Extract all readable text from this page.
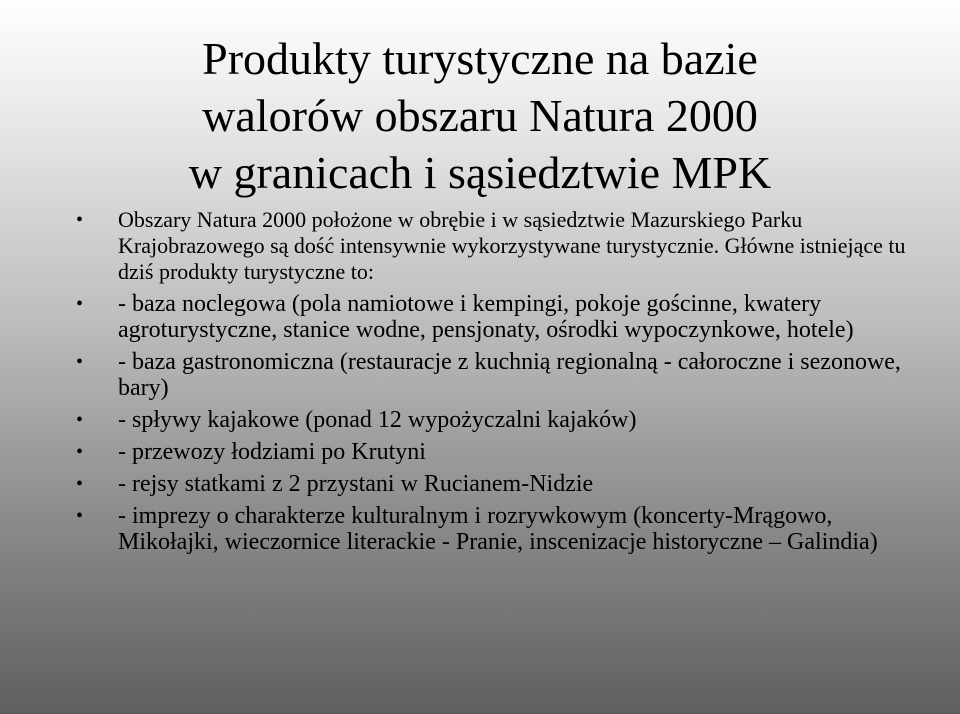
Produkty turystyczne na bazie
walorów obszaru Natura 2000
w granicach i sąsiedztwie MPK
•	Obszary Natura 2000 położone w obrębie i w sąsiedztwie Mazurskiego Parku Krajobrazowego są dość intensywnie wykorzystywane turystycznie. Główne istniejące tu dziś produkty turystyczne to:
•	- baza noclegowa (pola namiotowe i kempingi, pokoje gościnne, kwatery agroturystyczne, stanice wodne, pensjonaty, ośrodki wypoczynkowe, hotele)
•	- baza gastronomiczna (restauracje z kuchnią regionalną - całoroczne i sezonowe, bary)
•	- spływy kajakowe (ponad 12 wypożyczalni kajaków)
•	- przewozy łodziami po Krutyni
•	- rejsy statkami z 2 przystani w Rucianem-Nidzie
•	- imprezy o charakterze kulturalnym i rozrywkowym (koncerty-Mrągowo, Mikołajki, wieczornice literackie - Pranie, inscenizacje historyczne – Galindia)
